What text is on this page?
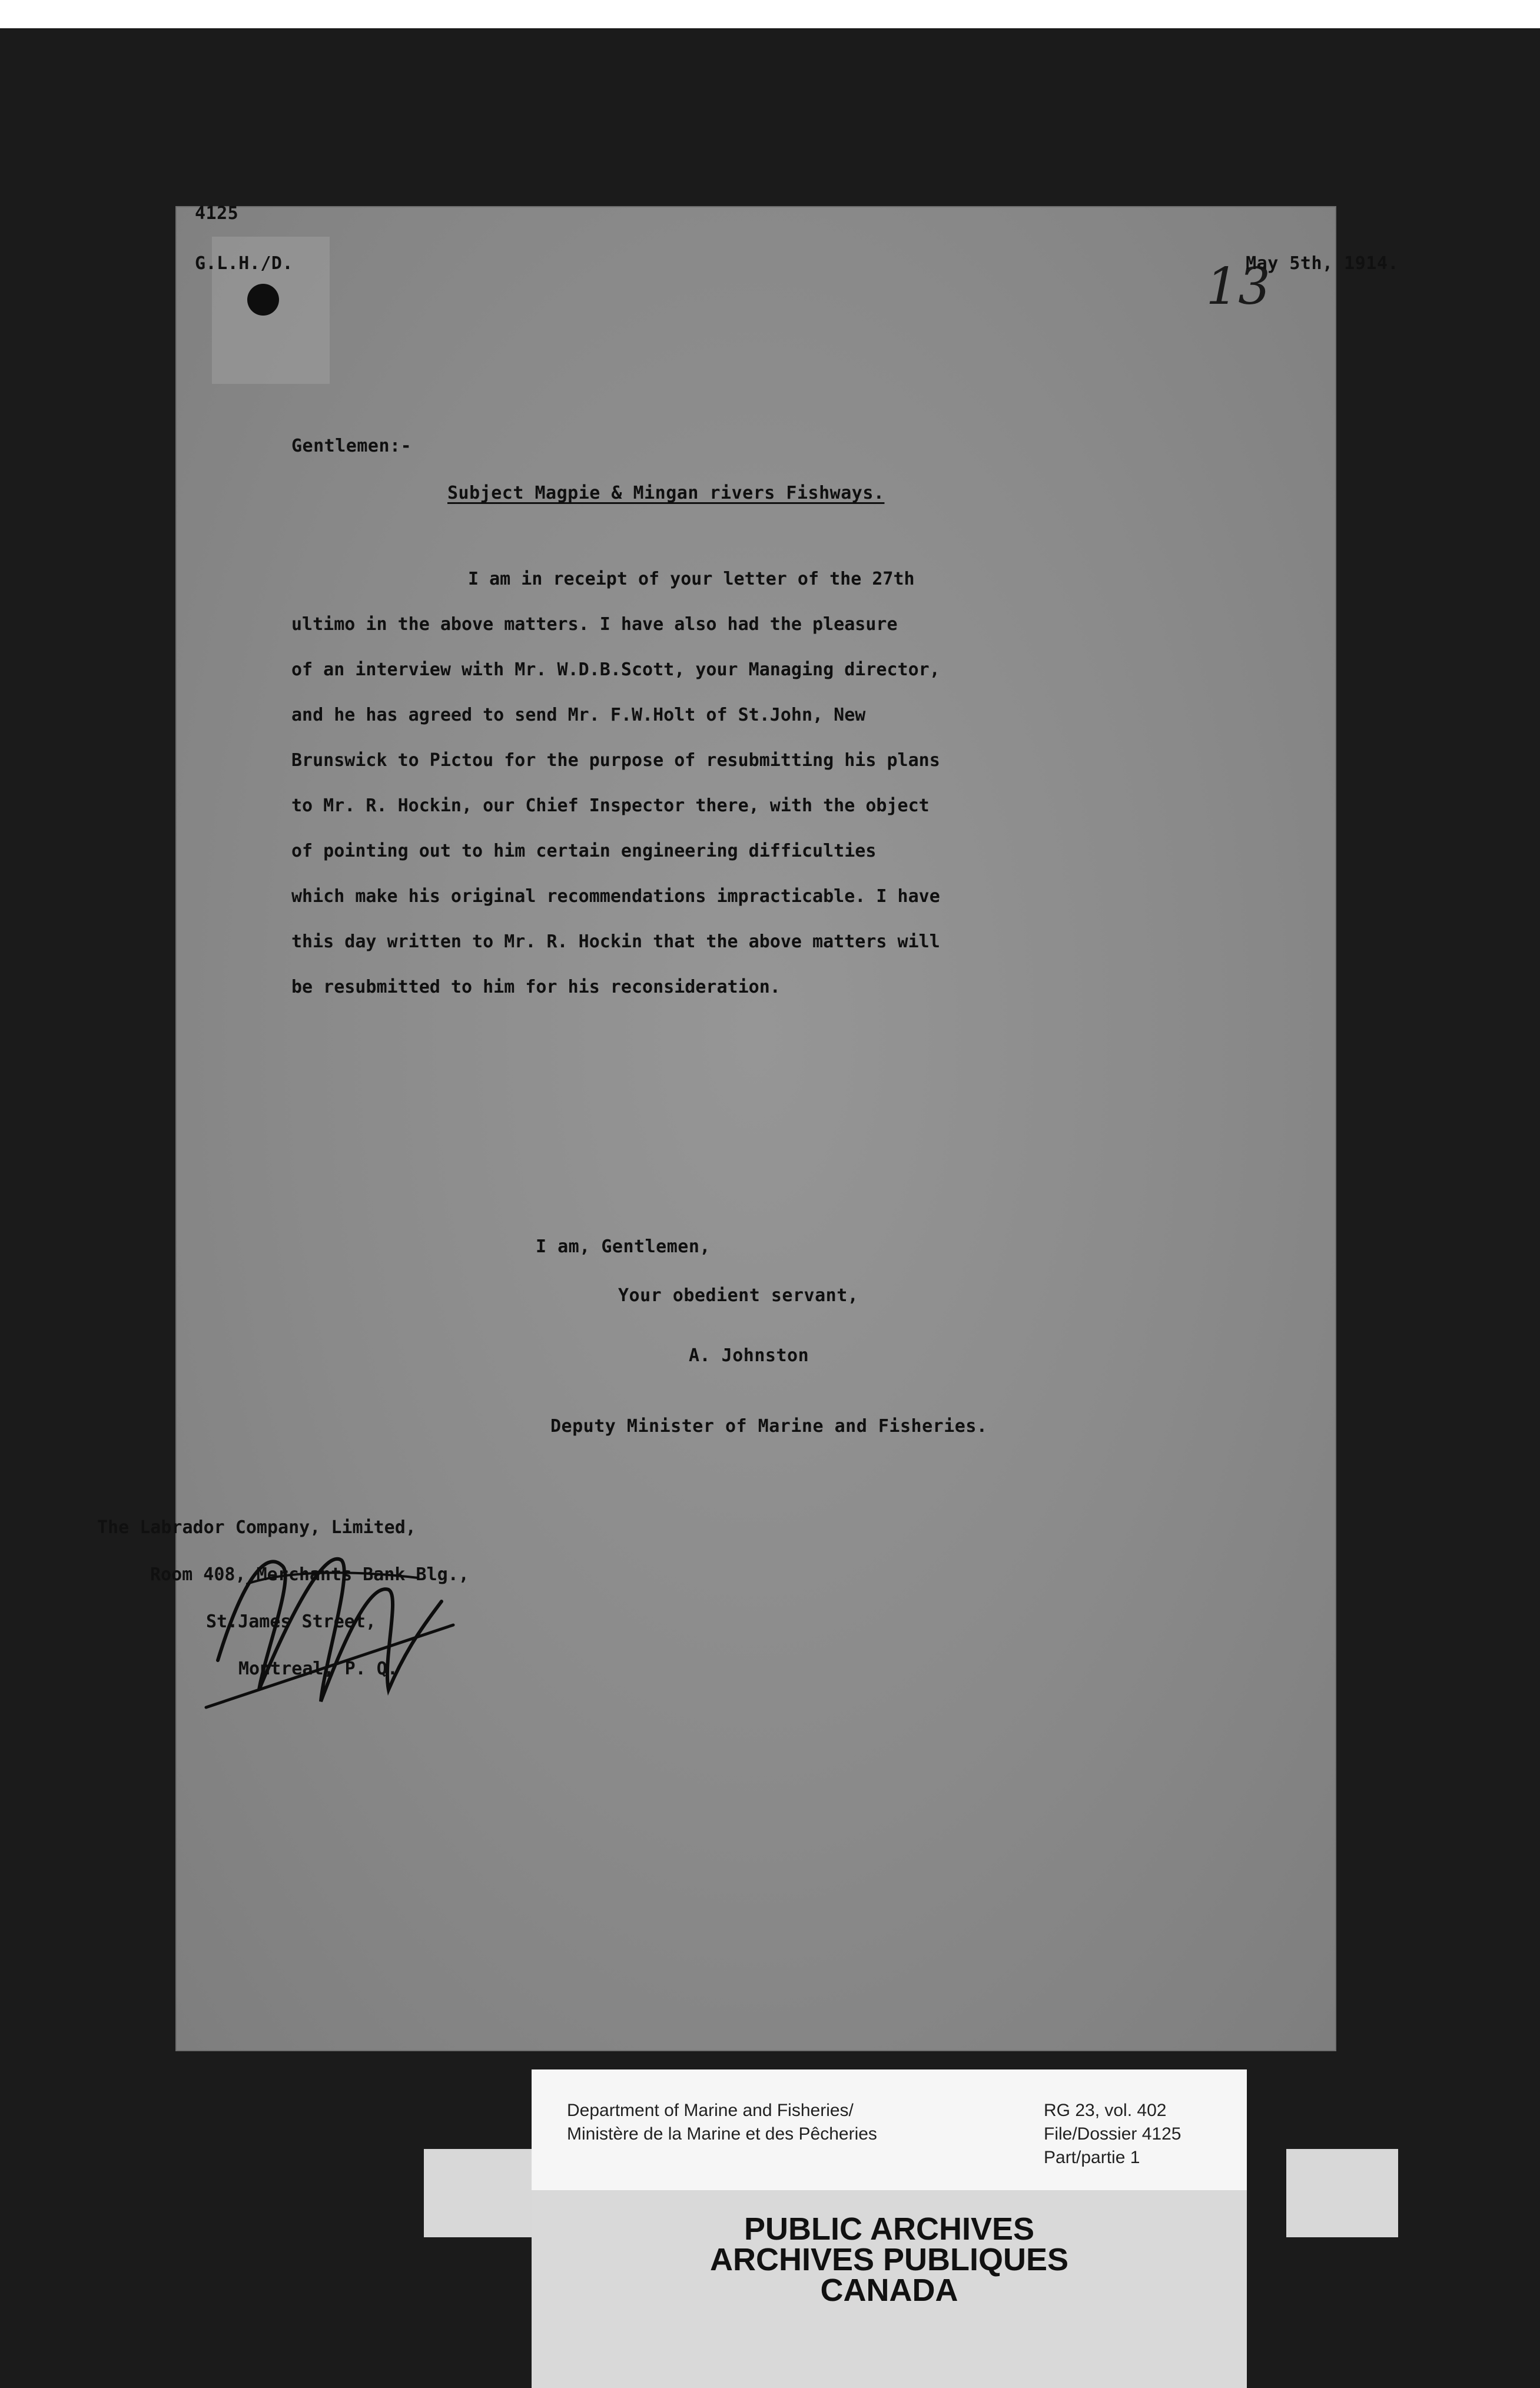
13
4125
G.L.H./D.	May 5th, 1914.
Gentlemen:-
Subject Magpie & Mingan rivers Fishways.
I am in receipt of your letter of the 27th
ultimo in the above matters. I have also had the pleasure
of an interview with Mr. W.D.B.Scott, your Managing director,
and he has agreed to send Mr. F.W.Holt of St.John, New
Brunswick to Pictou for the purpose of resubmitting his plans
to Mr. R. Hockin, our Chief Inspector there, with the object
of pointing out to him certain engineering difficulties
which make his original recommendations impracticable. I have
this day written to Mr. R. Hockin that the above matters will
be resubmitted to him for his reconsideration.
I am, Gentlemen,
Your obedient servant,
A. Johnston
Deputy Minister of Marine and Fisheries.
The Labrador Company, Limited,
Room 408, Merchants Bank Blg.,
St.James Street,
Montreal, P. Q.
Department of Marine and Fisheries/
Ministère de la Marine et des Pêcheries
RG 23, vol. 402
File/Dossier 4125
Part/partie 1
PUBLIC ARCHIVES
ARCHIVES PUBLIQUES
CANADA
